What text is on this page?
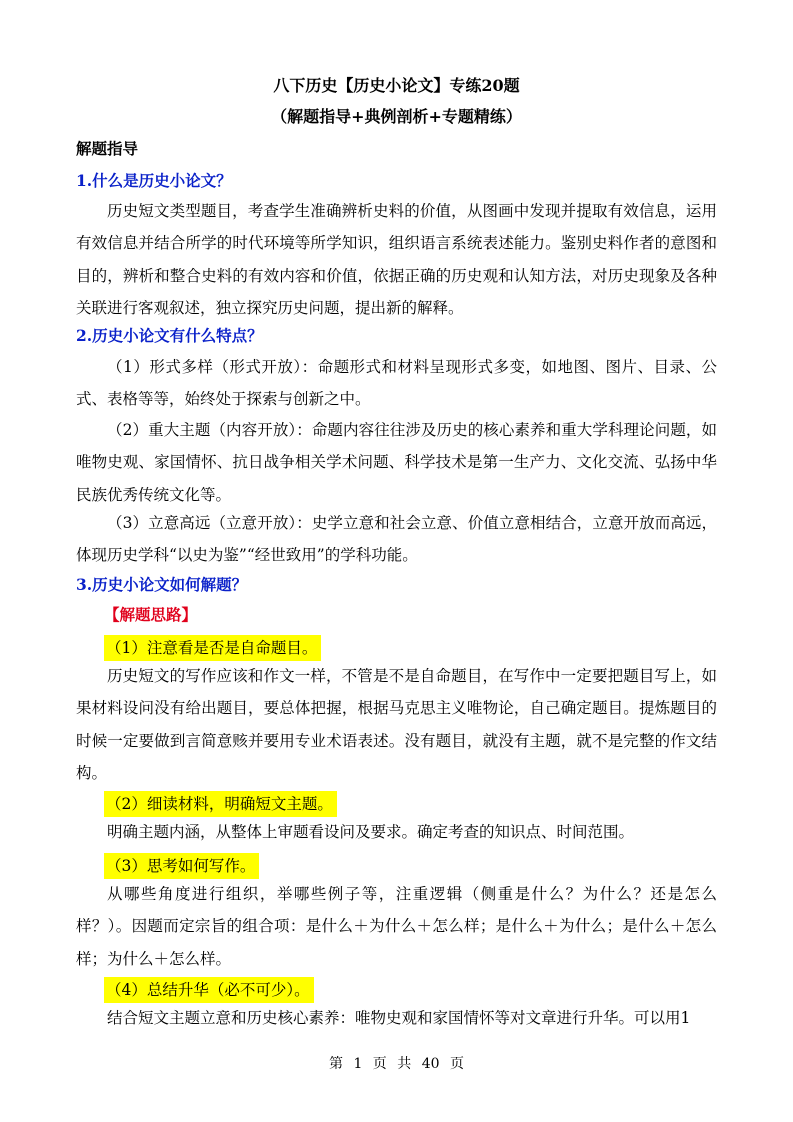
八下历史【历史小论文】专练20题

（解题指导+典例剖析+专题精练）

解题指导

1.什么是历史小论文？

历史短文类型题目，考查学生准确辨析史料的价值，从图画中发现并提取有效信息，运用有效信息并结合所学的时代环境等所学知识，组织语言系统表述能力。鉴别史料作者的意图和目的，辨析和整合史料的有效内容和价值，依据正确的历史观和认知方法，对历史现象及各种关联进行客观叙述，独立探究历史问题，提出新的解释。

2.历史小论文有什么特点？

（1）形式多样（形式开放）：命题形式和材料呈现形式多变，如地图、图片、目录、公式、表格等等，始终处于探索与创新之中。

（2）重大主题（内容开放）：命题内容往往涉及历史的核心素养和重大学科理论问题，如唯物史观、家国情怀、抗日战争相关学术问题、科学技术是第一生产力、文化交流、弘扬中华民族优秀传统文化等。

（3）立意高远（立意开放）：史学立意和社会立意、价值立意相结合，立意开放而高远，体现历史学科“以史为鉴”“经世致用”的学科功能。

3.历史小论文如何解题？

【解题思路】

（1）注意看是否是自命题目。

历史短文的写作应该和作文一样，不管是不是自命题目，在写作中一定要把题目写上，如果材料设问没有给出题目，要总体把握，根据马克思主义唯物论，自己确定题目。提炼题目的时候一定要做到言简意赅并要用专业术语表述。没有题目，就没有主题，就不是完整的作文结构。

（2）细读材料，明确短文主题。

明确主题内涵，从整体上审题看设问及要求。确定考查的知识点、时间范围。

（3）思考如何写作。

从哪些角度进行组织，举哪些例子等，注重逻辑（侧重是什么？为什么？还是怎么样？）。因题而定宗旨的组合项：是什么＋为什么＋怎么样；是什么＋为什么；是什么＋怎么样；为什么＋怎么样。

（4）总结升华（必不可少）。

结合短文主题立意和历史核心素养：唯物史观和家国情怀等对文章进行升华。可以用1

第 1 页 共 40 页
